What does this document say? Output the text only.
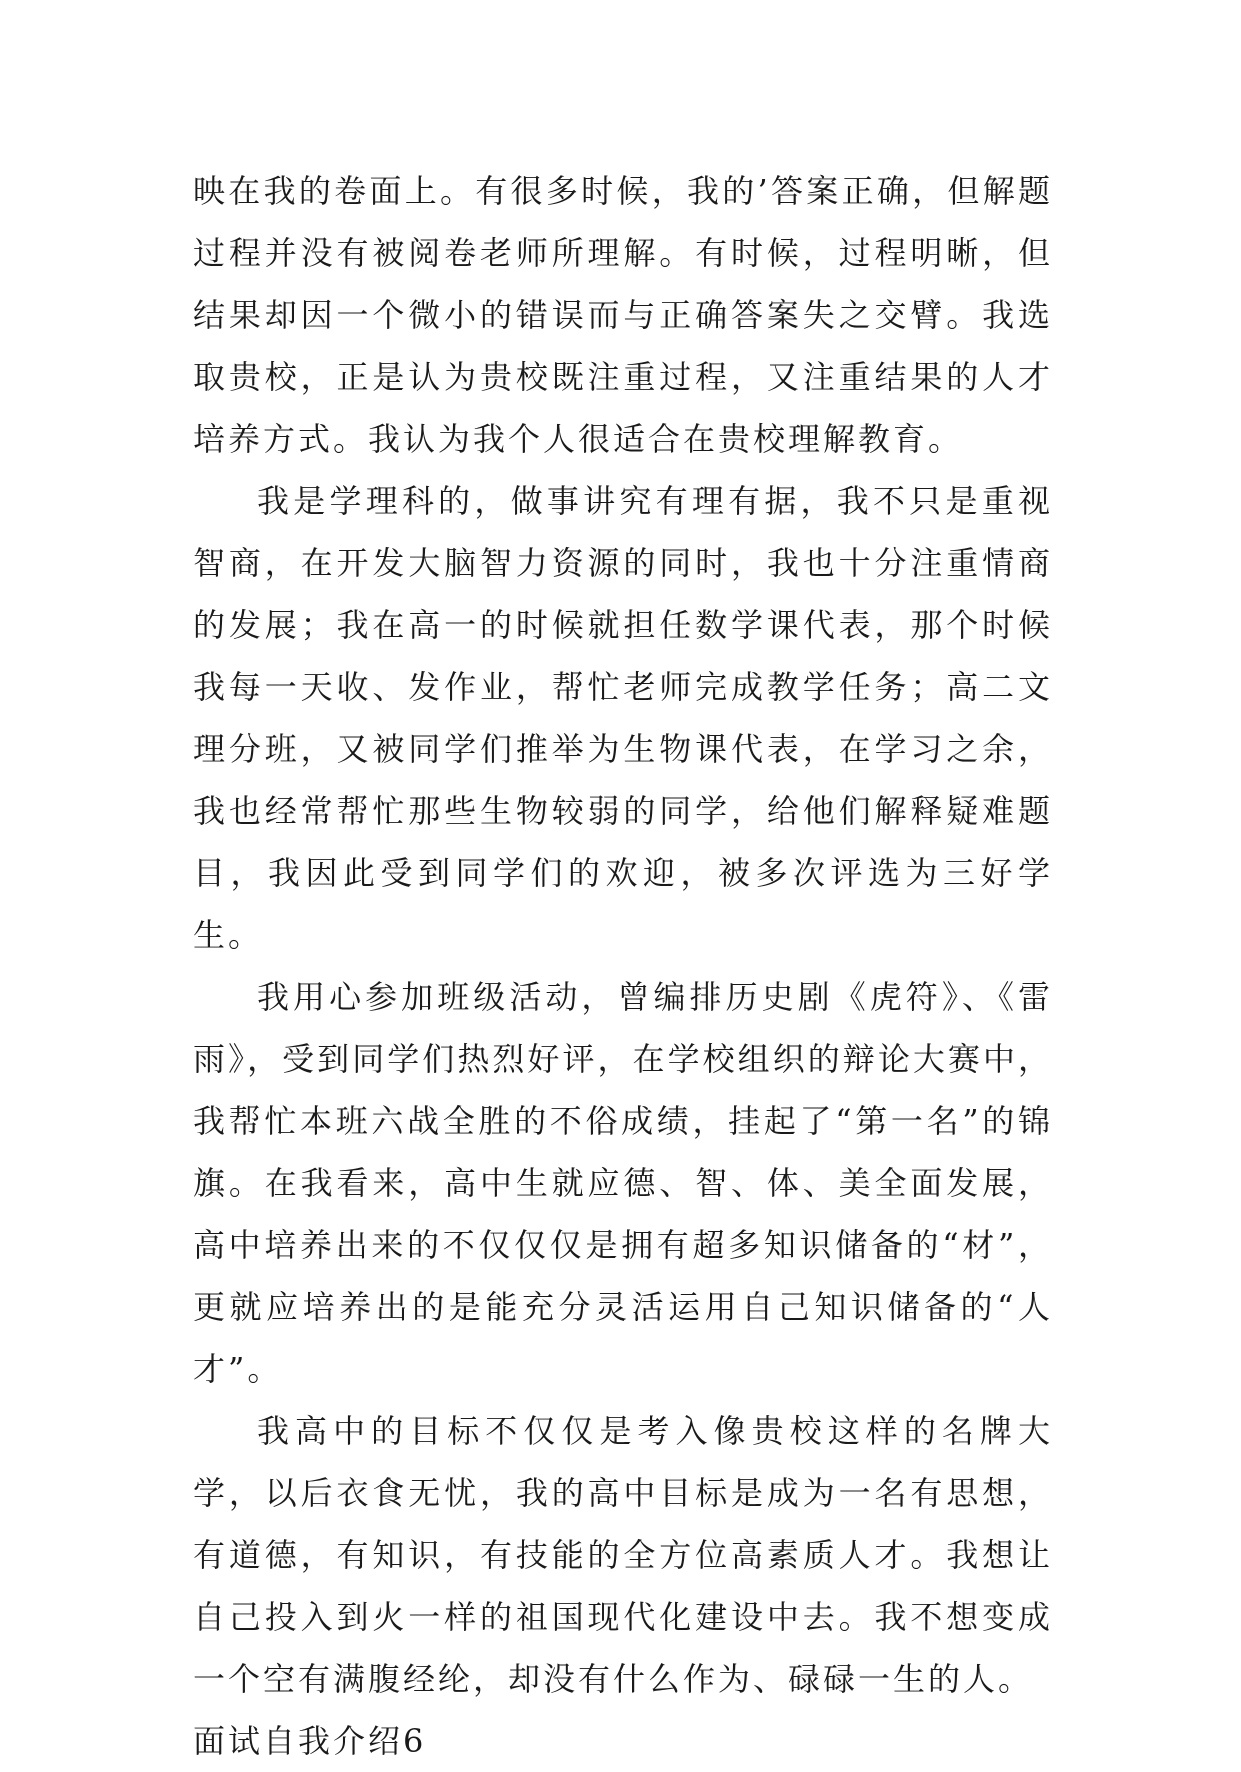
映在我的卷面上。有很多时候，我的’答案正确，但解题过程并没有被阅卷老师所理解。有时候，过程明晰，但结果却因一个微小的错误而与正确答案失之交臂。我选取贵校，正是认为贵校既注重过程，又注重结果的人才培养方式。我认为我个人很适合在贵校理解教育。

我是学理科的，做事讲究有理有据，我不只是重视智商，在开发大脑智力资源的同时，我也十分注重情商的发展；我在高一的时候就担任数学课代表，那个时候我每一天收、发作业，帮忙老师完成教学任务；高二文理分班，又被同学们推举为生物课代表，在学习之余，我也经常帮忙那些生物较弱的同学，给他们解释疑难题目，我因此受到同学们的欢迎，被多次评选为三好学生。

我用心参加班级活动，曾编排历史剧《虎符》、《雷雨》，受到同学们热烈好评，在学校组织的辩论大赛中，我帮忙本班六战全胜的不俗成绩，挂起了“第一名”的锦旗。在我看来，高中生就应德、智、体、美全面发展，高中培养出来的不仅仅仅是拥有超多知识储备的“材”，更就应培养出的是能充分灵活运用自己知识储备的“人才”。

我高中的目标不仅仅是考入像贵校这样的名牌大学，以后衣食无忧，我的高中目标是成为一名有思想，有道德，有知识，有技能的全方位高素质人才。我想让自己投入到火一样的祖国现代化建设中去。我不想变成一个空有满腹经纶，却没有什么作为、碌碌一生的人。

面试自我介绍6
